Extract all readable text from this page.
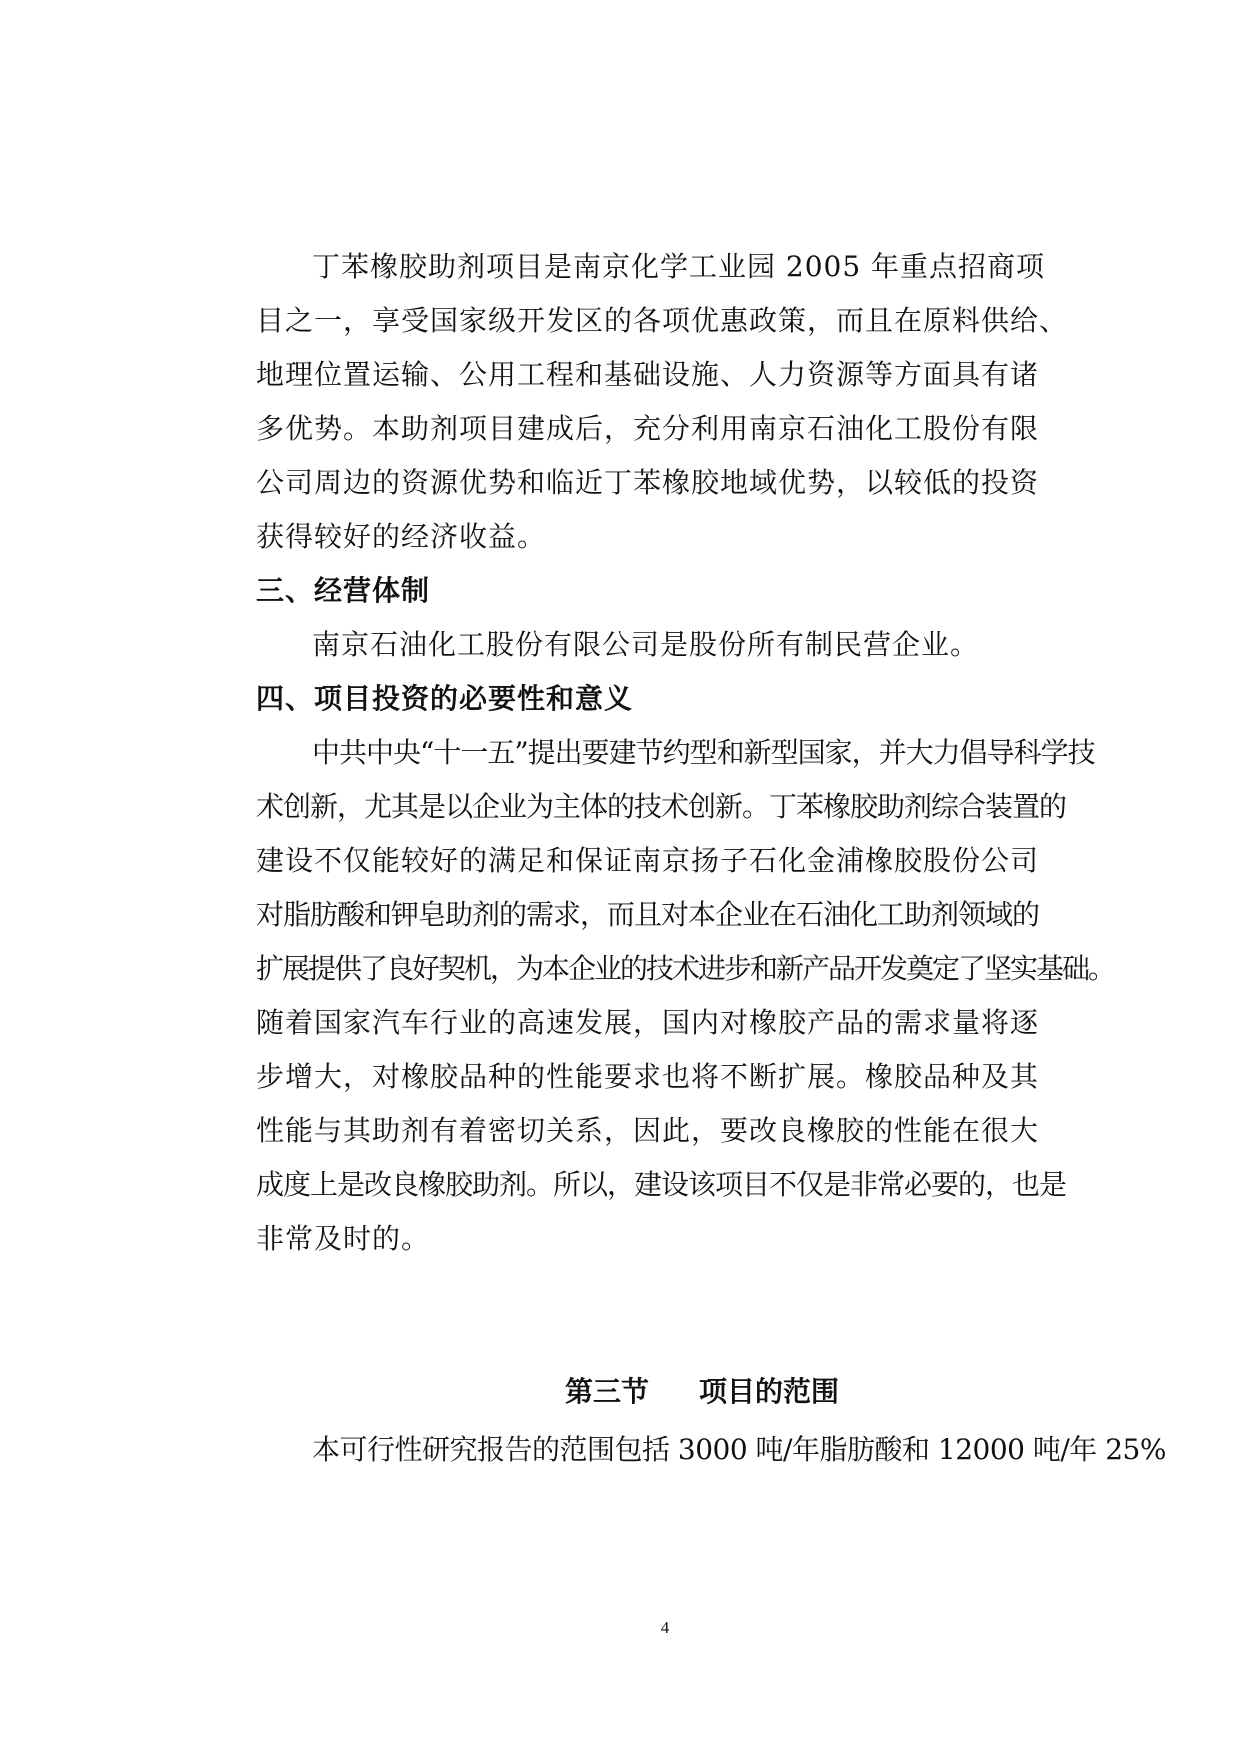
丁苯橡胶助剂项目是南京化学工业园 2005 年重点招商项
目之一，享受国家级开发区的各项优惠政策，而且在原料供给、
地理位置运输、公用工程和基础设施、人力资源等方面具有诸
多优势。本助剂项目建成后，充分利用南京石油化工股份有限
公司周边的资源优势和临近丁苯橡胶地域优势，以较低的投资
获得较好的经济收益。

三、经营体制

南京石油化工股份有限公司是股份所有制民营企业。

四、项目投资的必要性和意义

中共中央“十一五”提出要建节约型和新型国家，并大力倡导科学技
术创新，尤其是以企业为主体的技术创新。丁苯橡胶助剂综合装置的
建设不仅能较好的满足和保证南京扬子石化金浦橡胶股份公司
对脂肪酸和钾皂助剂的需求，而且对本企业在石油化工助剂领域的
扩展提供了良好契机，为本企业的技术进步和新产品开发奠定了坚实基础。
随着国家汽车行业的高速发展，国内对橡胶产品的需求量将逐
步增大，对橡胶品种的性能要求也将不断扩展。橡胶品种及其
性能与其助剂有着密切关系，因此，要改良橡胶的性能在很大
成度上是改良橡胶助剂。所以，建设该项目不仅是非常必要的，也是
非常及时的。

第三节 项目的范围

本可行性研究报告的范围包括 3000 吨/年脂肪酸和 12000 吨/年 25%

4
